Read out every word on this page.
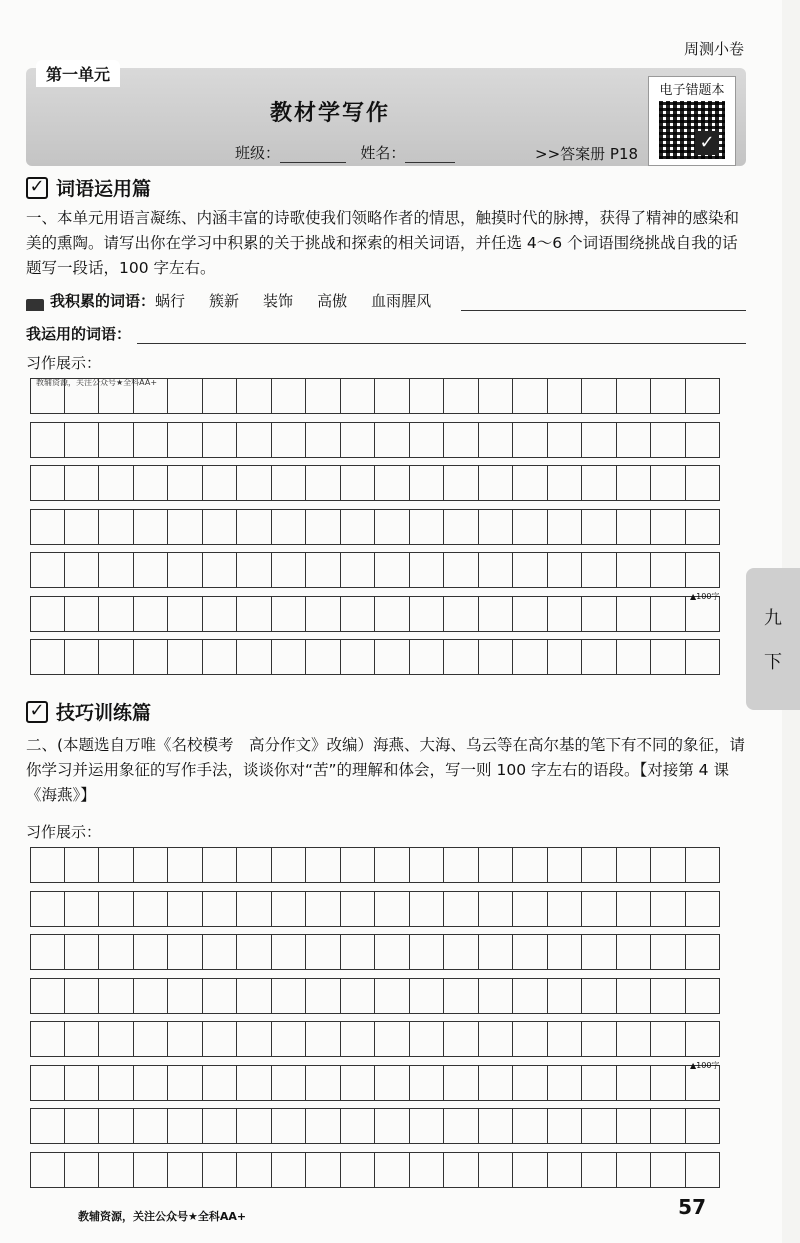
周测小卷
第一单元
教材学写作
班级：	姓名：	>>答案册 P18
电子错题本
✓
✓ 词语运用篇
一、本单元用语言凝练、内涵丰富的诗歌使我们领略作者的情思，触摸时代的脉搏，获得了精神的感染和美的熏陶。请写出你在学习中积累的关于挑战和探索的相关词语，并任选 4～6 个词语围绕挑战自我的话题写一段话，100 字左右。
我积累的词语： 蜗行 簇新 装饰 高傲 血雨腥风
我运用的词语：
习作展示：
教辅资源，关注公众号★全科AA+
▲100字
✓ 技巧训练篇
二、(本题选自万唯《名校模考　高分作文》改编）海燕、大海、乌云等在高尔基的笔下有不同的象征，请你学习并运用象征的写作手法，谈谈你对“苦”的理解和体会，写一则 100 字左右的语段。【对接第 4 课《海燕》】
习作展示：
▲100字
教辅资源，关注公众号★全科AA+	57
九
下
